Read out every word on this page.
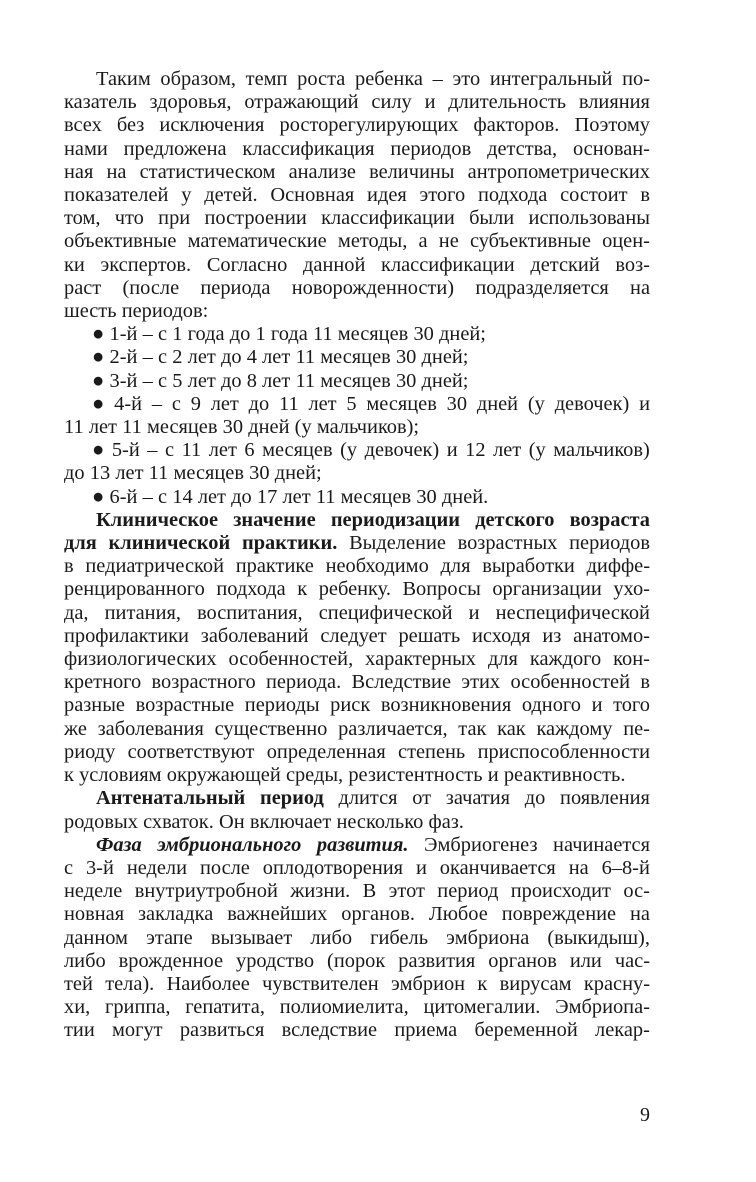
Таким образом, темп роста ребенка – это интегральный по-
казатель здоровья, отражающий силу и длительность влияния
всех без исключения росторегулирующих факторов. Поэтому
нами предложена классификация периодов детства, основан-
ная на статистическом анализе величины антропометрических
показателей у детей. Основная идея этого подхода состоит в
том, что при построении классификации были использованы
объективные математические методы, а не субъективные оцен-
ки экспертов. Согласно данной классификации детский воз-
раст (после периода новорожденности) подразделяется на
шесть периодов:
● 1-й – с 1 года до 1 года 11 месяцев 30 дней;
● 2-й – с 2 лет до 4 лет 11 месяцев 30 дней;
● 3-й – с 5 лет до 8 лет 11 месяцев 30 дней;
● 4-й – с 9 лет до 11 лет 5 месяцев 30 дней (у девочек) и
11 лет 11 месяцев 30 дней (у мальчиков);
● 5-й – с 11 лет 6 месяцев (у девочек) и 12 лет (у мальчиков)
до 13 лет 11 месяцев 30 дней;
● 6-й – с 14 лет до 17 лет 11 месяцев 30 дней.
Клиническое значение периодизации детского возраста
для клинической практики. Выделение возрастных периодов
в педиатрической практике необходимо для выработки диффе-
ренцированного подхода к ребенку. Вопросы организации ухо-
да, питания, воспитания, специфической и неспецифической
профилактики заболеваний следует решать исходя из анатомо-
физиологических особенностей, характерных для каждого кон-
кретного возрастного периода. Вследствие этих особенностей в
разные возрастные периоды риск возникновения одного и того
же заболевания существенно различается, так как каждому пе-
риоду соответствуют определенная степень приспособленности
к условиям окружающей среды, резистентность и реактивность.
Антенатальный период длится от зачатия до появления
родовых схваток. Он включает несколько фаз.
Фаза эмбрионального развития. Эмбриогенез начинается
с 3-й недели после оплодотворения и оканчивается на 6–8-й
неделе внутриутробной жизни. В этот период происходит ос-
новная закладка важнейших органов. Любое повреждение на
данном этапе вызывает либо гибель эмбриона (выкидыш),
либо врожденное уродство (порок развития органов или час-
тей тела). Наиболее чувствителен эмбрион к вирусам красну-
хи, гриппа, гепатита, полиомиелита, цитомегалии. Эмбриопа-
тии могут развиться вследствие приема беременной лекар-
9
